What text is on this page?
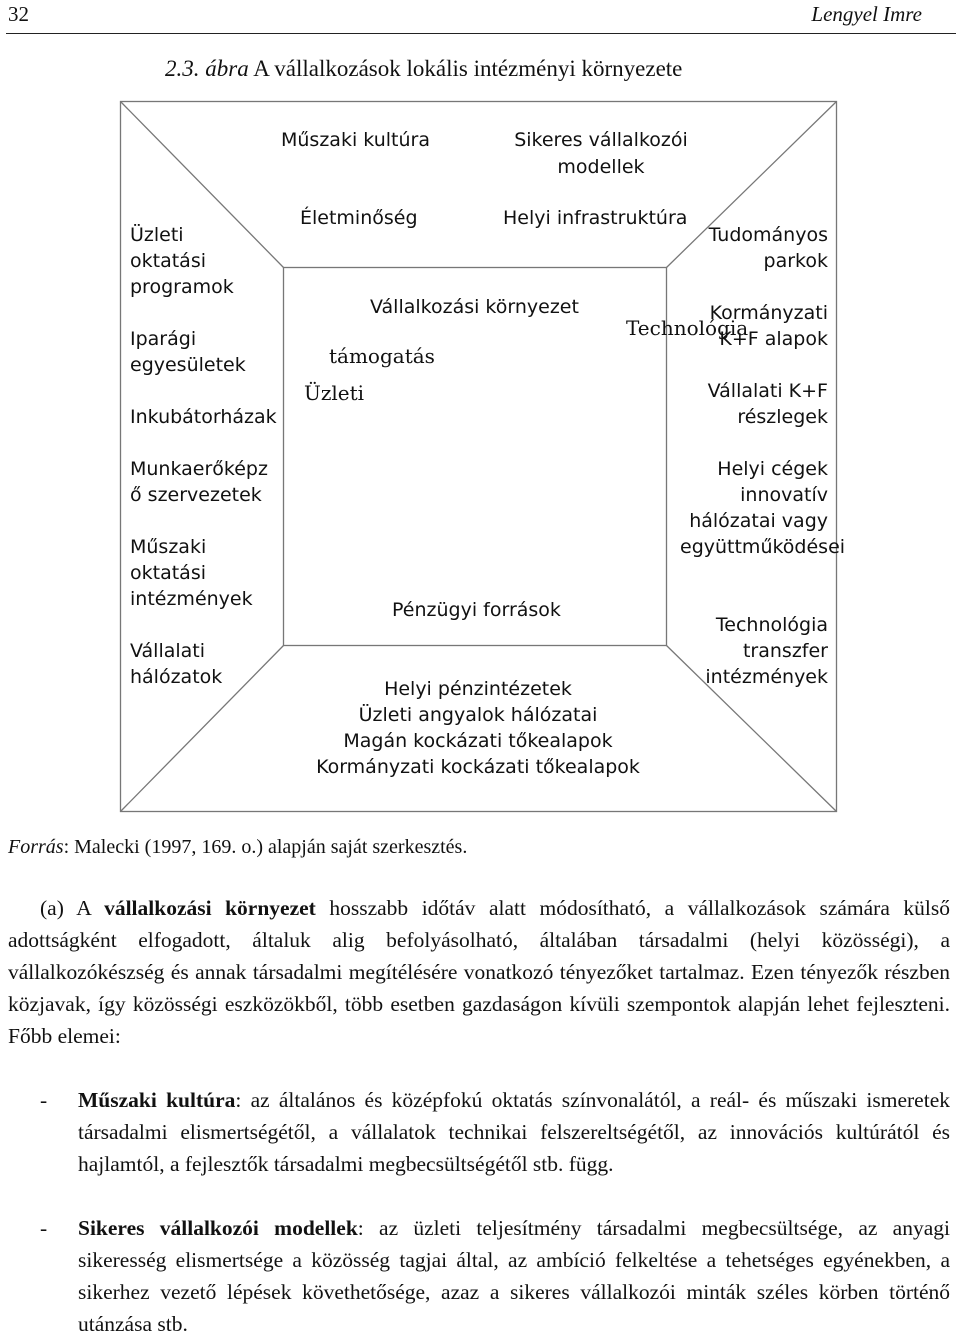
32	Lengyel Imre
2.3. ábra A vállalkozások lokális intézményi környezete
Műszaki kultúra	Sikeres vállalkozói modellek
Életminőség	Helyi infrastruktúra
Üzleti oktatási programok
Iparági egyesületek
Inkubátorházak
Munkaerőképző szervezetek
Műszaki oktatási intézmények
Vállalati hálózatok
Tudományos parkok
Kormányzati K+F alapok
Vállalati K+F részlegek
Helyi cégek innovatív hálózatai vagy együttműködései
Technológia transzfer intézmények
Helyi pénzintézetek
Üzleti angyalok hálózatai
Magán kockázati tőkealapok
Kormányzati kockázati tőkealapok
Vállalkozási környezet
Pénzügyi források
Üzleti
támogatás
Technológia
Forrás: Malecki (1997, 169. o.) alapján saját szerkesztés.
(a) A vállalkozási környezet hosszabb időtáv alatt módosítható, a vállalkozások számára külső adottságként elfogadott, általuk alig befolyásolható, általában társadalmi (helyi közösségi), a vállalkozókészség és annak társadalmi megítélésére vonatkozó tényezőket tartalmaz. Ezen tényezők részben közjavak, így közösségi eszközökből, több esetben gazdaságon kívüli szempontok alapján lehet fejleszteni. Főbb elemei:
- Műszaki kultúra: az általános és középfokú oktatás színvonalától, a reál- és műszaki ismeretek társadalmi elismertségétől, a vállalatok technikai felszereltségétől, az innovációs kultúrától és hajlamtól, a fejlesztők társadalmi megbecsültségétől stb. függ.
- Sikeres vállalkozói modellek: az üzleti teljesítmény társadalmi megbecsültsége, az anyagi sikeresség elismertsége a közösség tagjai által, az ambíció felkeltése a tehetséges egyénekben, a sikerhez vezető lépések követhetősége, azaz a sikeres vállalkozói minták széles körben történő utánzása stb.
